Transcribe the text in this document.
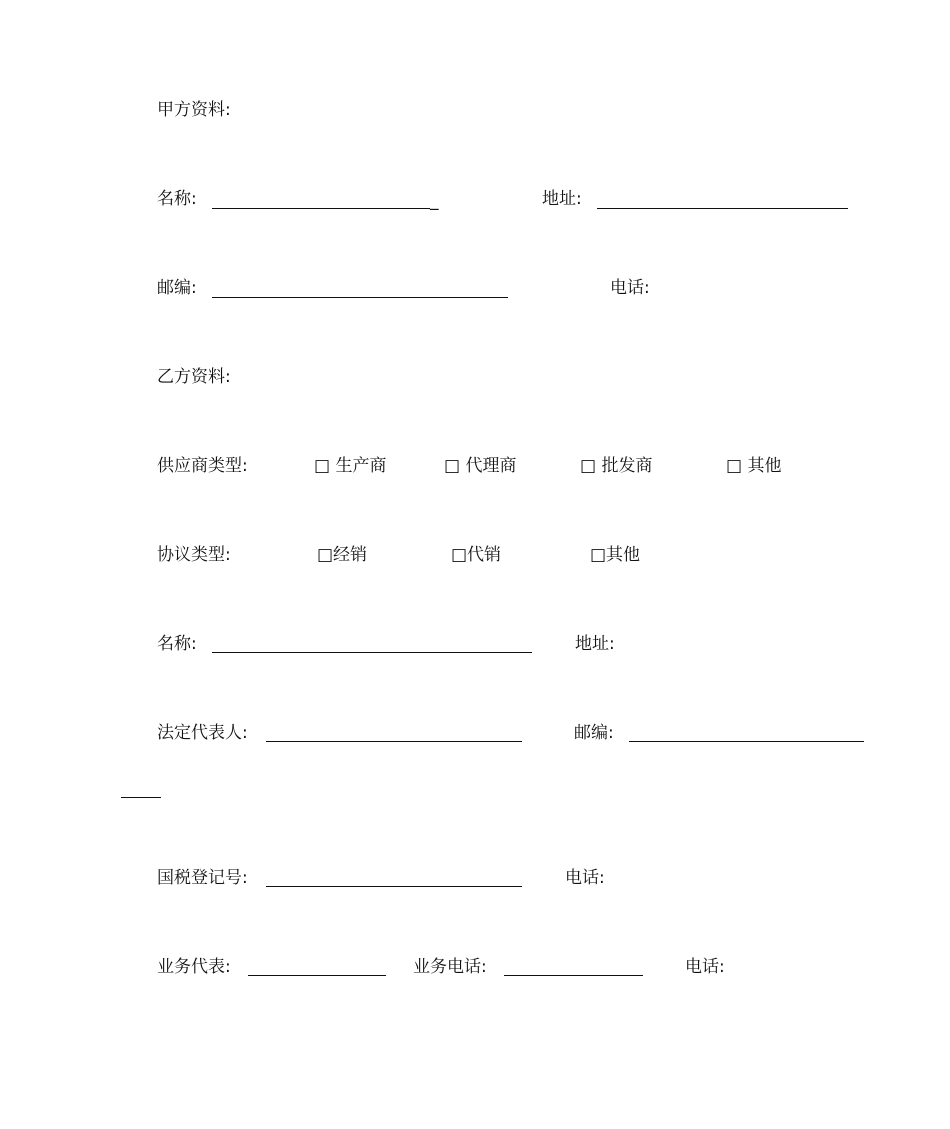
甲方资料:
名称:	_	地址:
邮编:	电话:
乙方资料:
供应商类型:	□ 生产商	□ 代理商	□ 批发商	□ 其他
协议类型:	□经销	□代销	□其他
名称:	地址:
法定代表人:	邮编:
国税登记号:	电话:
业务代表:	业务电话:	电话:
